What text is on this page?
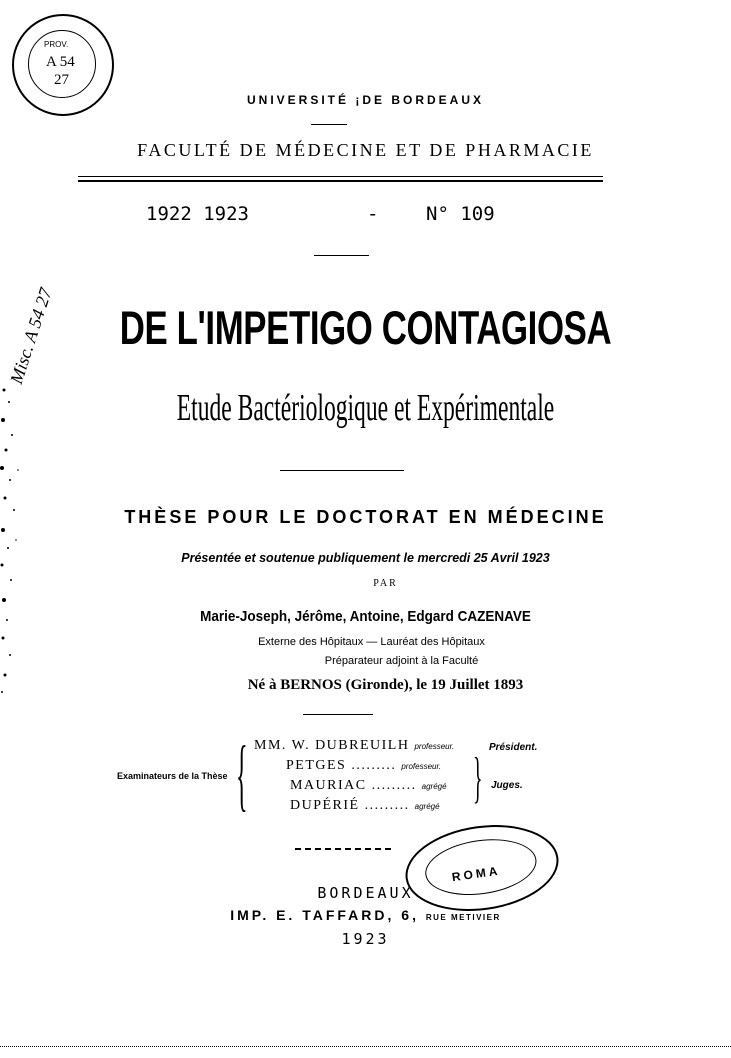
PROV.
A 54
27
Misc. A 54 27
UNIVERSITÉ ¡DE BORDEAUX
FACULTÉ DE MÉDECINE ET DE PHARMACIE
1922 1923	-	N° 109
DE L'IMPETIGO CONTAGIOSA
Etude Bactériologique et Expérimentale
THÈSE POUR LE DOCTORAT EN MÉDECINE
Présentée et soutenue publiquement le mercredi 25 Avril 1923
PAR
Marie-Joseph, Jérôme, Antoine, Edgard CAZENAVE
Externe des Hôpitaux — Lauréat des Hôpitaux
Préparateur adjoint à la Faculté
Né à BERNOS (Gironde), le 19 Juillet 1893
Examinateurs de la Thèse { MM. W. DUBREUILH professeur.	Président.
PETGES ......... professeur. } Juges.
MAURIAC ......... agrégé
DUPÉRIÉ ......... agrégé
ROMA
BORDEAUX
IMP. E. TAFFARD, 6, RUE METIVIER
1923
